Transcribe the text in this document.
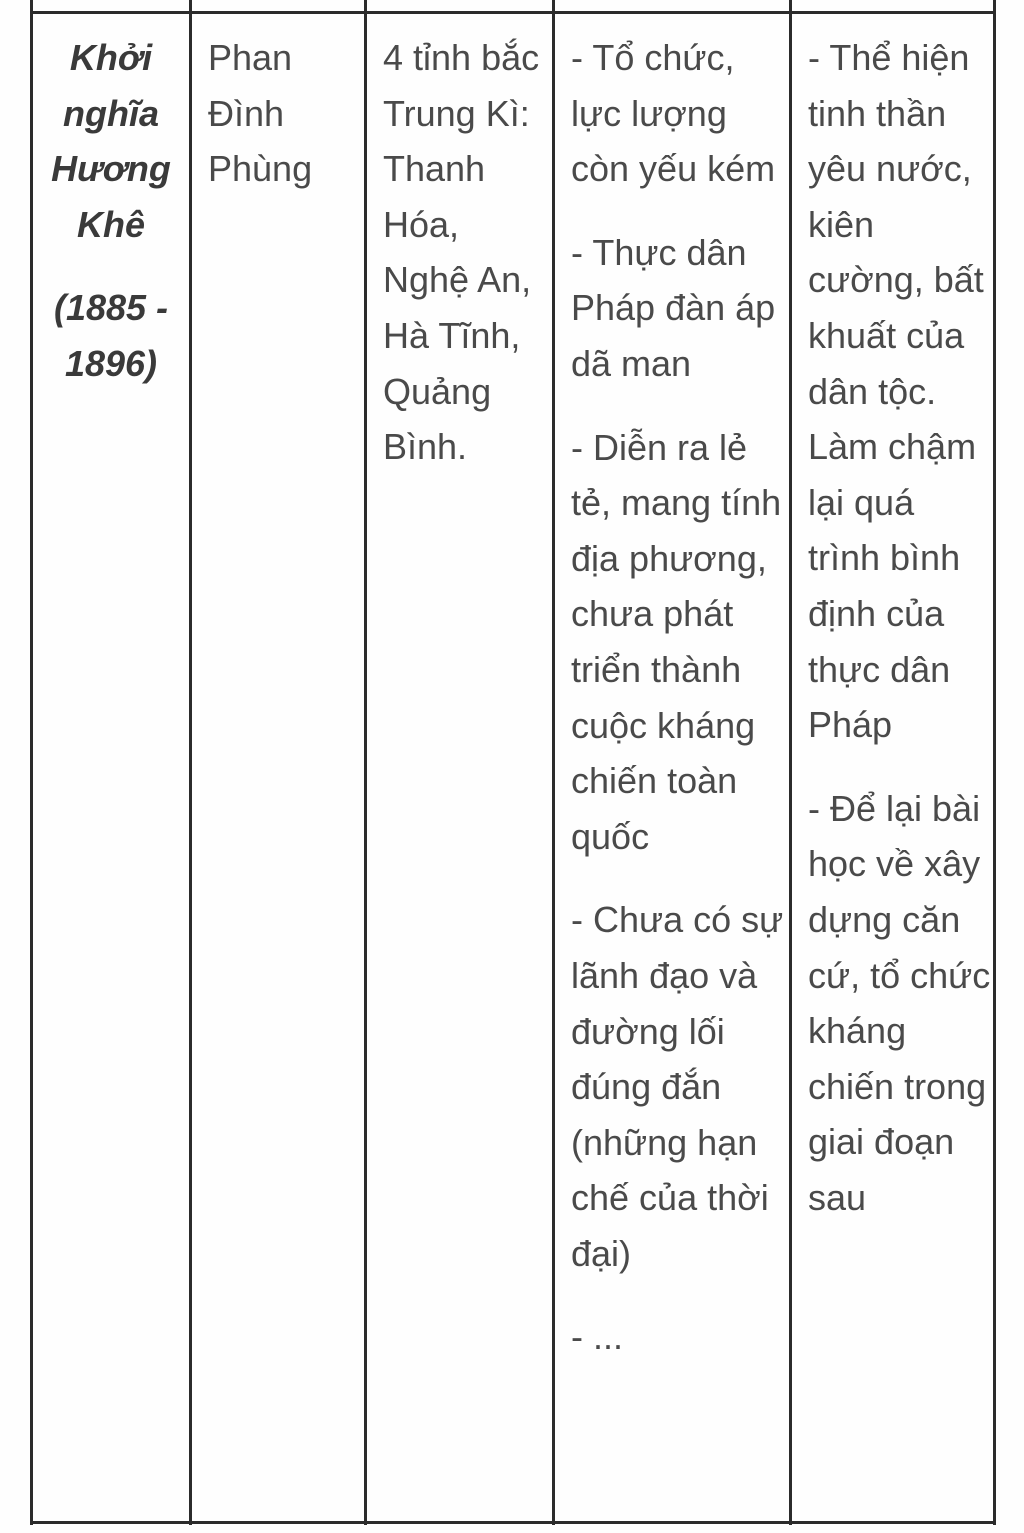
Khởi nghĩa Hương Khê

(1885 - 1896)

Phan Đình Phùng

4 tỉnh bắc Trung Kì: Thanh Hóa, Nghệ An, Hà Tĩnh, Quảng Bình.

- Tổ chức, lực lượng còn yếu kém

- Thực dân Pháp đàn áp dã man

- Diễn ra lẻ tẻ, mang tính địa phương, chưa phát triển thành cuộc kháng chiến toàn quốc

- Chưa có sự lãnh đạo và đường lối đúng đắn (những hạn chế của thời đại)

- ...

- Thể hiện tinh thần yêu nước, kiên cường, bất khuất của dân tộc. Làm chậm lại quá trình bình định của thực dân Pháp

- Để lại bài học về xây dựng căn cứ, tổ chức kháng chiến trong giai đoạn sau
